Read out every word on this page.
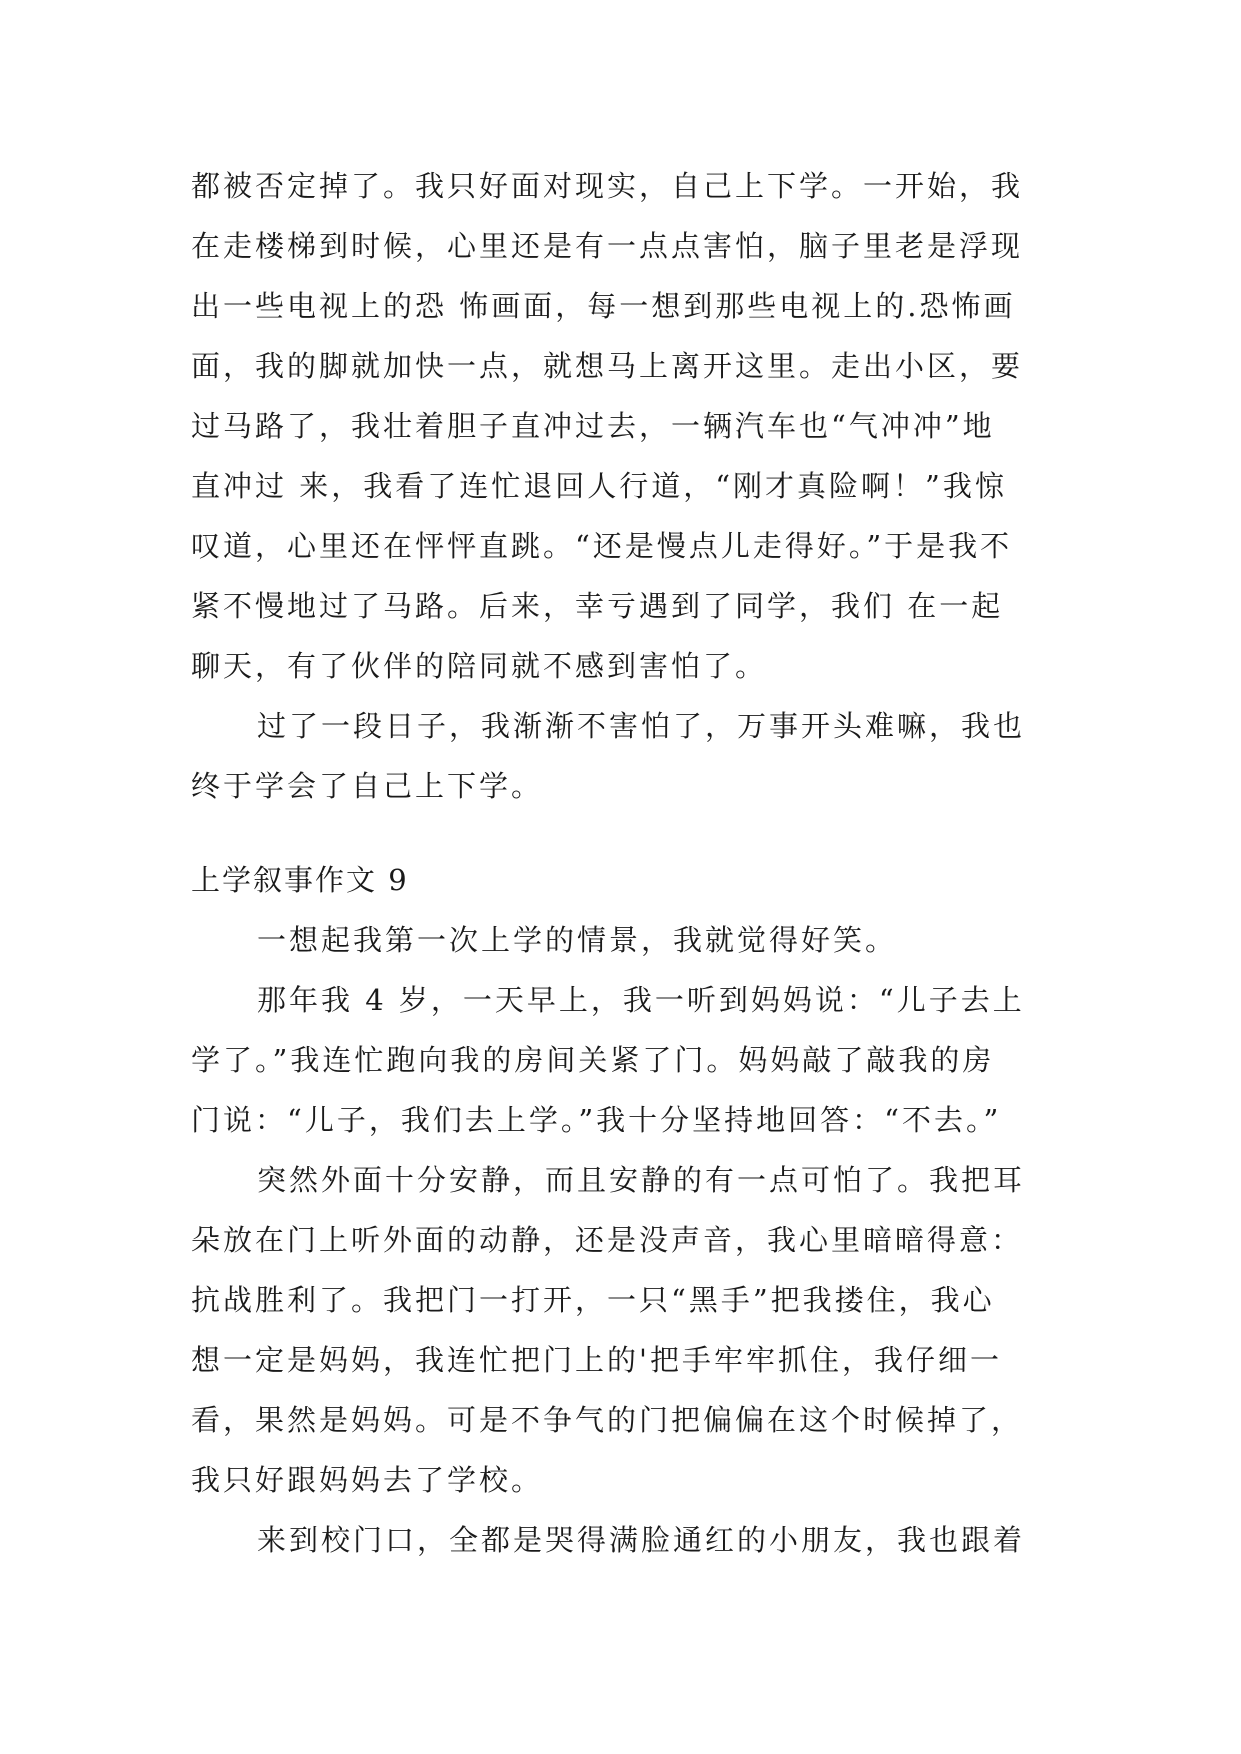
都被否定掉了。我只好面对现实，自己上下学。一开始，我
在走楼梯到时候，心里还是有一点点害怕，脑子里老是浮现
出一些电视上的恐 怖画面，每一想到那些电视上的.恐怖画
面，我的脚就加快一点，就想马上离开这里。走出小区，要
过马路了，我壮着胆子直冲过去，一辆汽车也“气冲冲”地
直冲过 来，我看了连忙退回人行道，“刚才真险啊！”我惊
叹道，心里还在怦怦直跳。“还是慢点儿走得好。”于是我不
紧不慢地过了马路。后来，幸亏遇到了同学，我们 在一起
聊天，有了伙伴的陪同就不感到害怕了。
过了一段日子，我渐渐不害怕了，万事开头难嘛，我也
终于学会了自己上下学。
上学叙事作文 9
一想起我第一次上学的情景，我就觉得好笑。
那年我 4 岁，一天早上，我一听到妈妈说：“儿子去上
学了。”我连忙跑向我的房间关紧了门。妈妈敲了敲我的房
门说：“儿子，我们去上学。”我十分坚持地回答：“不去。”
突然外面十分安静，而且安静的有一点可怕了。我把耳
朵放在门上听外面的动静，还是没声音，我心里暗暗得意：
抗战胜利了。我把门一打开，一只“黑手”把我搂住，我心
想一定是妈妈，我连忙把门上的'把手牢牢抓住，我仔细一
看，果然是妈妈。可是不争气的门把偏偏在这个时候掉了，
我只好跟妈妈去了学校。
来到校门口，全都是哭得满脸通红的小朋友，我也跟着
